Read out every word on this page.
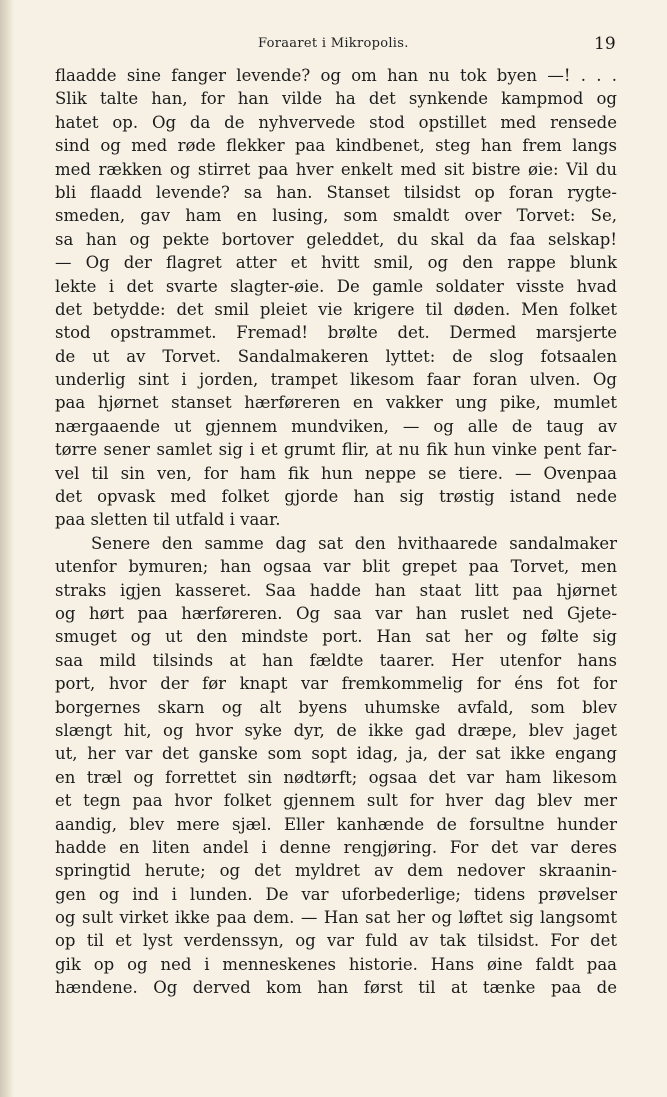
Foraaret i Mikropolis.	19
flaadde sine fanger levende? og om han nu tok byen —! . . .
Slik talte han, for han vilde ha det synkende kampmod og
hatet op. Og da de nyhvervede stod opstillet med rensede
sind og med røde flekker paa kindbenet, steg han frem langs
med rækken og stirret paa hver enkelt med sit bistre øie: Vil du
bli flaadd levende? sa han. Stanset tilsidst op foran rygte-
smeden, gav ham en lusing, som smaldt over Torvet: Se,
sa han og pekte bortover geleddet, du skal da faa selskap!
— Og der flagret atter et hvitt smil, og den rappe blunk
lekte i det svarte slagter-øie. De gamle soldater visste hvad
det betydde: det smil pleiet vie krigere til døden. Men folket
stod opstrammet. Fremad! brølte det. Dermed marsjerte
de ut av Torvet. Sandalmakeren lyttet: de slog fotsaalen
underlig sint i jorden, trampet likesom faar foran ulven. Og
paa hjørnet stanset hærføreren en vakker ung pike, mumlet
nærgaaende ut gjennem mundviken, — og alle de taug av
tørre sener samlet sig i et grumt flir, at nu fik hun vinke pent far-
vel til sin ven, for ham fik hun neppe se tiere. — Ovenpaa
det opvask med folket gjorde han sig trøstig istand nede
paa sletten til utfald i vaar.
Senere den samme dag sat den hvithaarede sandalmaker
utenfor bymuren; han ogsaa var blit grepet paa Torvet, men
straks igjen kasseret. Saa hadde han staat litt paa hjørnet
og hørt paa hærføreren. Og saa var han ruslet ned Gjete-
smuget og ut den mindste port. Han sat her og følte sig
saa mild tilsinds at han fældte taarer. Her utenfor hans
port, hvor der før knapt var fremkommelig for éns fot for
borgernes skarn og alt byens uhumske avfald, som blev
slængt hit, og hvor syke dyr, de ikke gad dræpe, blev jaget
ut, her var det ganske som sopt idag, ja, der sat ikke engang
en træl og forrettet sin nødtørft; ogsaa det var ham likesom
et tegn paa hvor folket gjennem sult for hver dag blev mer
aandig, blev mere sjæl. Eller kanhænde de forsultne hunder
hadde en liten andel i denne rengjøring. For det var deres
springtid herute; og det myldret av dem nedover skraanin-
gen og ind i lunden. De var uforbederlige; tidens prøvelser
og sult virket ikke paa dem. — Han sat her og løftet sig langsomt
op til et lyst verdenssyn, og var fuld av tak tilsidst. For det
gik op og ned i menneskenes historie. Hans øine faldt paa
hændene. Og derved kom han først til at tænke paa de
